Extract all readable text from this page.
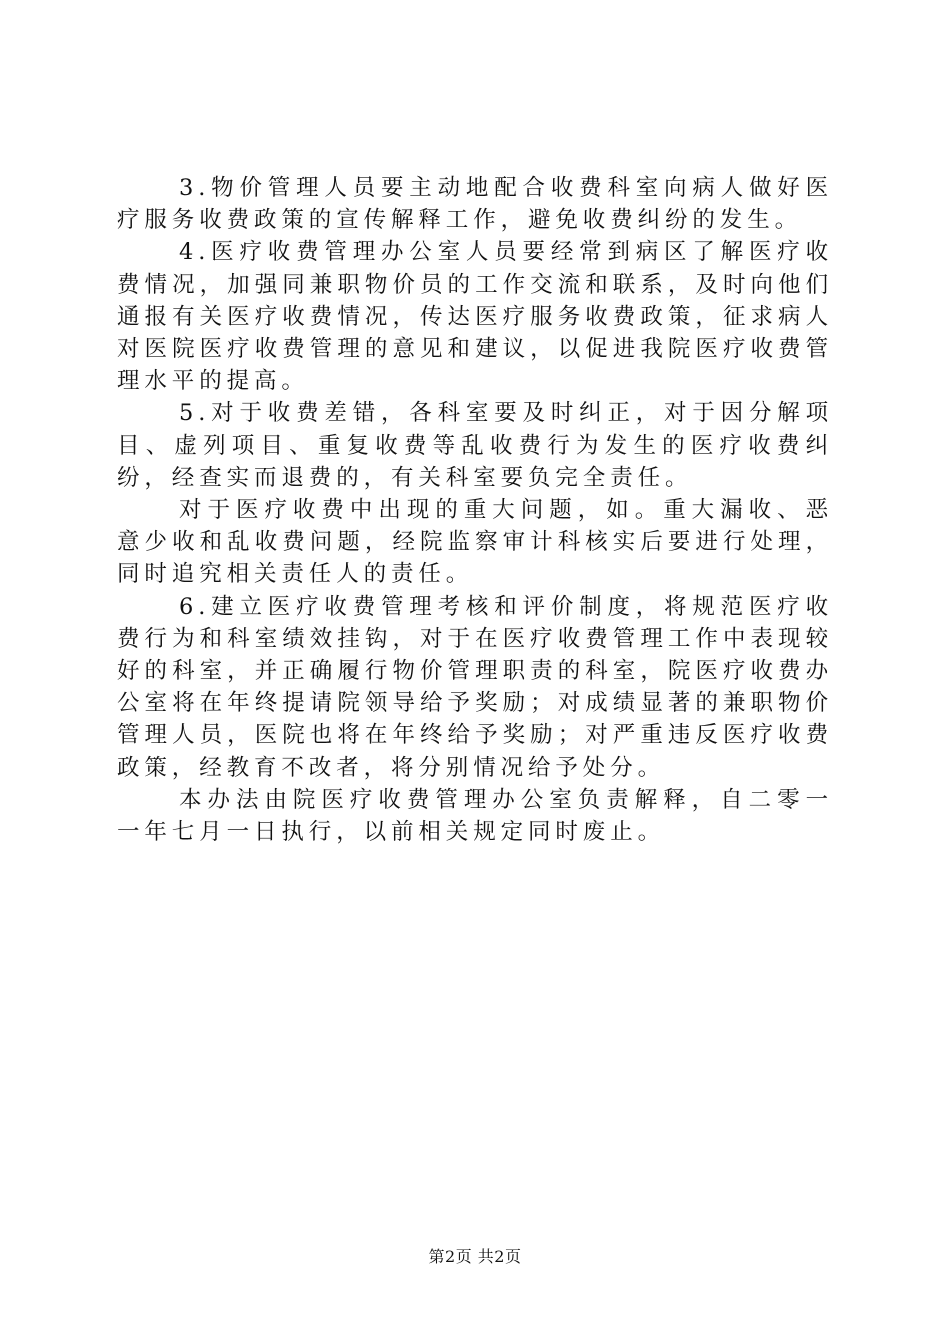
3.物价管理人员要主动地配合收费科室向病人做好医疗服务收费政策的宣传解释工作，避免收费纠纷的发生。

4.医疗收费管理办公室人员要经常到病区了解医疗收费情况，加强同兼职物价员的工作交流和联系，及时向他们通报有关医疗收费情况，传达医疗服务收费政策，征求病人对医院医疗收费管理的意见和建议，以促进我院医疗收费管理水平的提高。

5.对于收费差错，各科室要及时纠正，对于因分解项目、虚列项目、重复收费等乱收费行为发生的医疗收费纠纷，经查实而退费的，有关科室要负完全责任。

对于医疗收费中出现的重大问题，如。重大漏收、恶意少收和乱收费问题，经院监察审计科核实后要进行处理，同时追究相关责任人的责任。

6.建立医疗收费管理考核和评价制度，将规范医疗收费行为和科室绩效挂钩，对于在医疗收费管理工作中表现较好的科室，并正确履行物价管理职责的科室，院医疗收费办公室将在年终提请院领导给予奖励；对成绩显著的兼职物价管理人员，医院也将在年终给予奖励；对严重违反医疗收费政策，经教育不改者，将分别情况给予处分。

本办法由院医疗收费管理办公室负责解释，自二零一一年七月一日执行，以前相关规定同时废止。

第2页 共2页
